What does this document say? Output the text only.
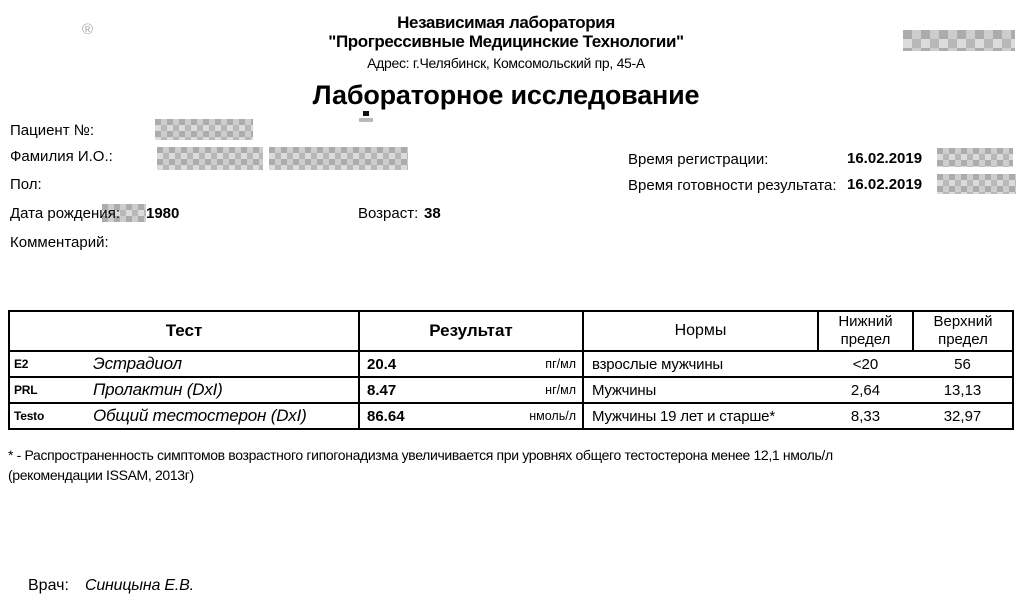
®	Независимая лаборатория
"Прогрессивные Медицинские Технологии"
Адрес: г.Челябинск, Комсомольский пр, 45-А
Лабораторное исследование
Пациент №:
Фамилия И.О.:
Пол:
Дата рождения: 1980	Возраст: 38
Комментарий:
Время регистрации:	16.02.2019
Время готовности результата: 16.02.2019
Тест	Результат	Нормы	Нижний предел	Верхний предел

E2 Эстрадиол	20.4 пг/мл	взрослые мужчины	<20	56

PRL Пролактин (DxI)	8.47 нг/мл	Мужчины	2,64	13,13

Testo Общий тестостерон (DxI)	86.64 нмоль/л	Мужчины 19 лет и старше*	8,33	32,97
* - Распространенность симптомов возрастного гипогонадизма увеличивается при уровнях общего тестостерона менее 12,1 нмоль/л
(рекомендации ISSAM, 2013г)
Врач: Синицына Е.В.
